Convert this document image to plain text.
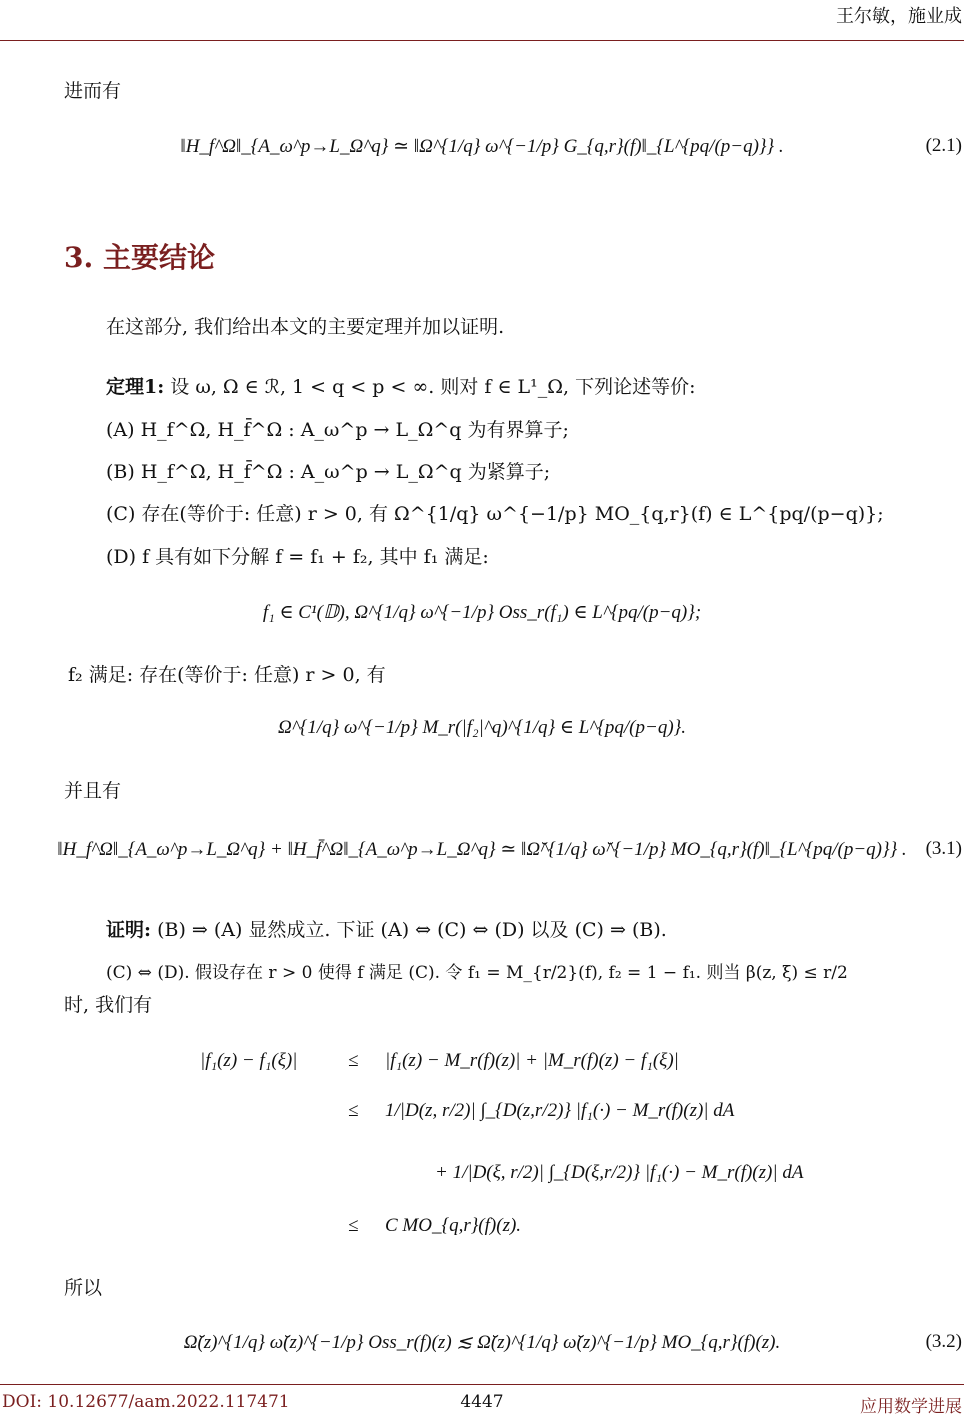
王尔敏，施业成
进而有
‖H_f^Ω‖_{A_ω^p→L_Ω^q} ≃ ‖Ω^{1/q} ω^{−1/p} G_{q,r}(f)‖_{L^{pq/(p−q)}} .	(2.1)
3. 主要结论
在这部分, 我们给出本文的主要定理并加以证明.
定理1: 设 ω, Ω ∈ ℛ, 1 < q < p < ∞. 则对 f ∈ L¹_Ω, 下列论述等价:
(A) H_f^Ω, H_f̄^Ω : A_ω^p → L_Ω^q 为有界算子;
(B) H_f^Ω, H_f̄^Ω : A_ω^p → L_Ω^q 为紧算子;
(C) 存在(等价于: 任意) r > 0, 有 Ω^{1/q} ω^{−1/p} MO_{q,r}(f) ∈ L^{pq/(p−q)};
(D) f 具有如下分解 f = f₁ + f₂, 其中 f₁ 满足:
f₁ ∈ C¹(𝔻), Ω^{1/q} ω^{−1/p} Oss_r(f₁) ∈ L^{pq/(p−q)};
f₂ 满足: 存在(等价于: 任意) r > 0, 有
Ω^{1/q} ω^{−1/p} M_r(|f₂|^q)^{1/q} ∈ L^{pq/(p−q)}.
并且有
‖H_f^Ω‖_{A_ω^p→L_Ω^q} + ‖H_f̄^Ω‖_{A_ω^p→L_Ω^q} ≃ ‖Ω̆^{1/q} ω̆^{−1/p} MO_{q,r}(f)‖_{L^{pq/(p−q)}} . (3.1)
证明: (B) ⇒ (A) 显然成立. 下证 (A) ⇔ (C) ⇔ (D) 以及 (C) ⇒ (B).
(C) ⇔ (D). 假设存在 r > 0 使得 f 满足 (C). 令 f₁ = M_{r/2}(f), f₂ = 1 − f₁. 则当 β(z, ξ) ≤ r/2
时, 我们有
|f₁(z) − f₁(ξ)|	≤ |f₁(z) − M_r(f)(z)| + |M_r(f)(z) − f₁(ξ)|
≤ 1/|D(z, r/2)| ∫_{D(z,r/2)} |f₁(·) − M_r(f)(z)| dA
+ 1/|D(ξ, r/2)| ∫_{D(ξ,r/2)} |f₁(·) − M_r(f)(z)| dA
≤ C MO_{q,r}(f)(z).
所以
Ω̆(z)^{1/q} ω̆(z)^{−1/p} Oss_r(f)(z) ≲ Ω̆(z)^{1/q} ω̆(z)^{−1/p} MO_{q,r}(f)(z).	(3.2)
DOI: 10.12677/aam.2022.117471	4447	应用数学进展
